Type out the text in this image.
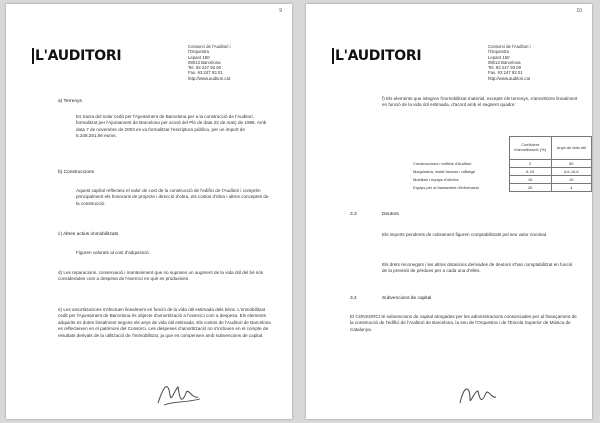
9
L'AUDITORI
Consorci de l'Auditori i
l'Orquestra
Lepant 150
08013 Barcelona
Tel. 93 247 93 00
Fax. 93 247 93 01
http://www.auditori.cat
a) Terrenys
Es tracta del solar cedit per l'Ajuntament de Barcelona per a la construcció de l'Auditori, formalitzat per l'Ajuntament de Barcelona per acord del Ple de data 22 de març de 1996. Amb data 7 de novembre de 2003 es va formalitzar l'escriptura pública, per un import de 5.348.281,56 euros.
b) Construccions
Aquest capítol reflecteix el valor de cost de la construcció de l'edifici de l'Auditori i comprèn principalment els honoraris de projecte i direcció d'obra, els costos d'obra i altres conceptes de la construcció.
c) Altres actius immobilitzats
Figuren valorats al cost d'adquisició.
d) Les reparacions, conservació i manteniment que no suposen un augment de la vida útil del bé són considerades com a despesa de l'exercici en què es produeixen.
e) Les amortitzacions s'efectuen linealment en funció de la vida útil estimada dels béns. L'immobilitzat cedit per l'Ajuntament de Barcelona és objecte d'amortització a l'exercici com a despesa. Els elements adquirits es doten linealment segons els anys de vida útil estimada. Els costos de l'Auditori de Barcelona es reflecteixen en el patrimoni del Consorci. Les despeses d'amortització no s'inclouen en el compte de resultats derivats de la utilització de l'immobilitzat, ja que es compensen amb subvencions de capital.
10
L'AUDITORI
Consorci de l'Auditori i
l'Orquestra
Lepant 150
08013 Barcelona
Tel. 93 247 93 00
Fax. 93 247 93 01
http://www.auditori.cat
f) Els elements que integren l'immobilitzat material, excepte els terrenys, s'amortitzen linealment en funció de la vida útil estimada, d'acord amb el següent quadre:
	Coeficient d'amortització (%)	Anys de vida útil
Construccions i edificis d'Auditori	2	50
Maquinària, instal·lacions i utillatge	6-15	6,6-16,6
Mobiliari i equips d'oficina	10	10
Equips per al tractament d'informació	25	4
3.3	Deutors
Els imports pendents de cobrament figuren comptabilitzats pel seu valor nominal.
Els drets reconeguts i les altres dotacions derivades de deutors s'han comptabilitzat en funció de la previsió de pèrdues per a cada una d'elles.
3.4	Subvencions de capital
El CONSORCI té subvencions de capital atorgades per les administracions consorciades per al finançament de la construcció de l'edifici de l'Auditori de Barcelona, la seu de l'Orquestra i de l'Escola Superior de Música de Catalunya.
